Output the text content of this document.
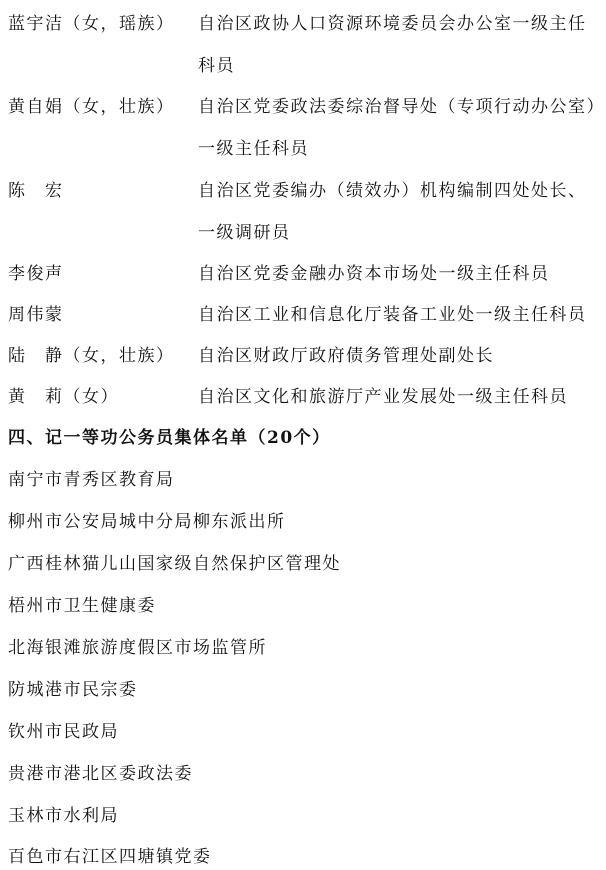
蓝宇洁（女，瑶族） 自治区政协人口资源环境委员会办公室一级主任科员
黄自娟（女，壮族） 自治区党委政法委综治督导处（专项行动办公室）一级主任科员
陈　宏	自治区党委编办（绩效办）机构编制四处处长、一级调研员
李俊声	自治区党委金融办资本市场处一级主任科员
周伟蒙	自治区工业和信息化厅装备工业处一级主任科员
陆　静（女，壮族） 自治区财政厅政府债务管理处副处长
黄　莉（女）	自治区文化和旅游厅产业发展处一级主任科员
四、记一等功公务员集体名单（20个）
南宁市青秀区教育局
柳州市公安局城中分局柳东派出所
广西桂林猫儿山国家级自然保护区管理处
梧州市卫生健康委
北海银滩旅游度假区市场监管所
防城港市民宗委
钦州市民政局
贵港市港北区委政法委
玉林市水利局
百色市右江区四塘镇党委
